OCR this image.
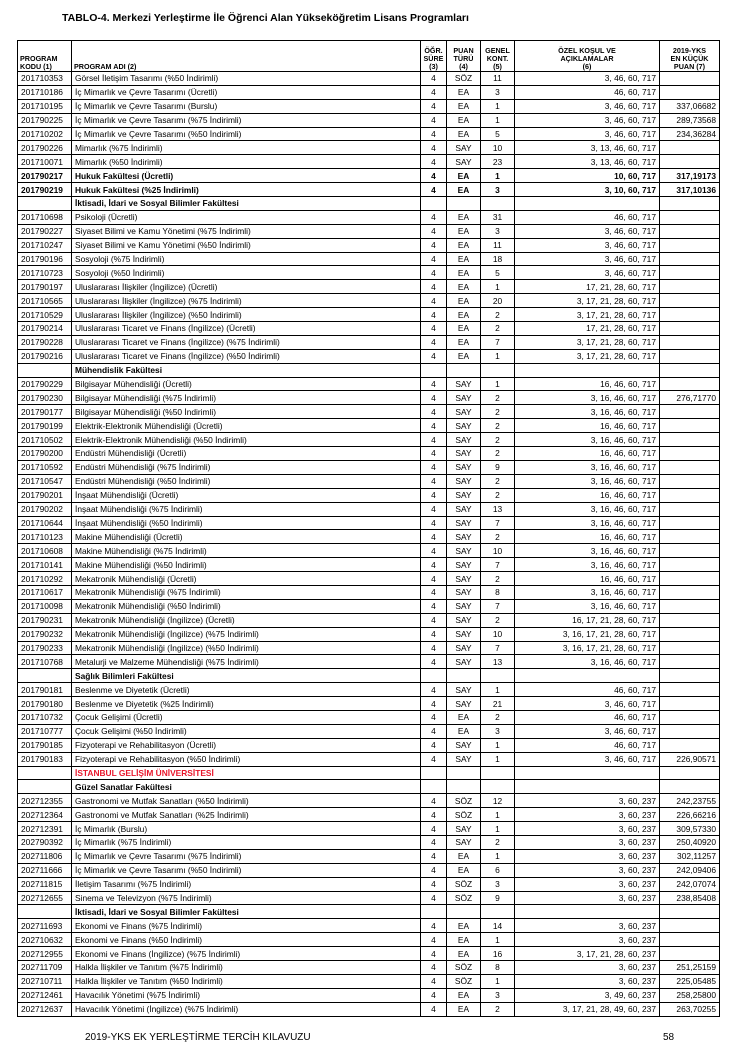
TABLO-4. Merkezi Yerleştirme İle Öğrenci Alan Yükseköğretim Lisans Programları
PROGRAM
KODU (1)	PROGRAM ADI (2)	ÖĞR.
SÜRE
(3)	PUAN
TÜRÜ
(4)	GENEL
KONT.
(5)	ÖZEL KOŞUL VE
AÇIKLAMALAR
(6)	2019-YKS
EN KÜÇÜK
PUAN (7)
201710353	Görsel İletişim Tasarımı (%50 İndirimli)	4	SÖZ	11	3, 46, 60, 717	
201710186	İç Mimarlık ve Çevre Tasarımı (Ücretli)	4	EA	3	46, 60, 717	
201710195	İç Mimarlık ve Çevre Tasarımı (Burslu)	4	EA	1	3, 46, 60, 717	337,06682
201790225	İç Mimarlık ve Çevre Tasarımı (%75 İndirimli)	4	EA	1	3, 46, 60, 717	289,73568
201710202	İç Mimarlık ve Çevre Tasarımı (%50 İndirimli)	4	EA	5	3, 46, 60, 717	234,36284
201790226	Mimarlık (%75 İndirimli)	4	SAY	10	3, 13, 46, 60, 717	
201710071	Mimarlık (%50 İndirimli)	4	SAY	23	3, 13, 46, 60, 717	
201790217	Hukuk Fakültesi (Ücretli)	4	EA	1	10, 60, 717	317,19173
201790219	Hukuk Fakültesi (%25 İndirimli)	4	EA	3	3, 10, 60, 717	317,10136
	İktisadi, İdari ve Sosyal Bilimler Fakültesi					
201710698	Psikoloji (Ücretli)	4	EA	31	46, 60, 717	
201790227	Siyaset Bilimi ve Kamu Yönetimi (%75 İndirimli)	4	EA	3	3, 46, 60, 717	
201710247	Siyaset Bilimi ve Kamu Yönetimi (%50 İndirimli)	4	EA	11	3, 46, 60, 717	
201790196	Sosyoloji (%75 İndirimli)	4	EA	18	3, 46, 60, 717	
201710723	Sosyoloji (%50 İndirimli)	4	EA	5	3, 46, 60, 717	
201790197	Uluslararası İlişkiler (İngilizce) (Ücretli)	4	EA	1	17, 21, 28, 60, 717	
201710565	Uluslararası İlişkiler (İngilizce) (%75 İndirimli)	4	EA	20	3, 17, 21, 28, 60, 717	
201710529	Uluslararası İlişkiler (İngilizce) (%50 İndirimli)	4	EA	2	3, 17, 21, 28, 60, 717	
201790214	Uluslararası Ticaret ve Finans (İngilizce) (Ücretli)	4	EA	2	17, 21, 28, 60, 717	
201790228	Uluslararası Ticaret ve Finans (İngilizce) (%75 İndirimli)	4	EA	7	3, 17, 21, 28, 60, 717	
201790216	Uluslararası Ticaret ve Finans (İngilizce) (%50 İndirimli)	4	EA	1	3, 17, 21, 28, 60, 717	
	Mühendislik Fakültesi					
201790229	Bilgisayar Mühendisliği (Ücretli)	4	SAY	1	16, 46, 60, 717	
201790230	Bilgisayar Mühendisliği (%75 İndirimli)	4	SAY	2	3, 16, 46, 60, 717	276,71770
201790177	Bilgisayar Mühendisliği (%50 İndirimli)	4	SAY	2	3, 16, 46, 60, 717	
201790199	Elektrik-Elektronik Mühendisliği (Ücretli)	4	SAY	2	16, 46, 60, 717	
201710502	Elektrik-Elektronik Mühendisliği (%50 İndirimli)	4	SAY	2	3, 16, 46, 60, 717	
201790200	Endüstri Mühendisliği (Ücretli)	4	SAY	2	16, 46, 60, 717	
201710592	Endüstri Mühendisliği (%75 İndirimli)	4	SAY	9	3, 16, 46, 60, 717	
201710547	Endüstri Mühendisliği (%50 İndirimli)	4	SAY	2	3, 16, 46, 60, 717	
201790201	İnşaat Mühendisliği (Ücretli)	4	SAY	2	16, 46, 60, 717	
201790202	İnşaat Mühendisliği (%75 İndirimli)	4	SAY	13	3, 16, 46, 60, 717	
201710644	İnşaat Mühendisliği (%50 İndirimli)	4	SAY	7	3, 16, 46, 60, 717	
201710123	Makine Mühendisliği (Ücretli)	4	SAY	2	16, 46, 60, 717	
201710608	Makine Mühendisliği (%75 İndirimli)	4	SAY	10	3, 16, 46, 60, 717	
201710141	Makine Mühendisliği (%50 İndirimli)	4	SAY	7	3, 16, 46, 60, 717	
201710292	Mekatronik Mühendisliği (Ücretli)	4	SAY	2	16, 46, 60, 717	
201710617	Mekatronik Mühendisliği (%75 İndirimli)	4	SAY	8	3, 16, 46, 60, 717	
201710098	Mekatronik Mühendisliği (%50 İndirimli)	4	SAY	7	3, 16, 46, 60, 717	
201790231	Mekatronik Mühendisliği (İngilizce) (Ücretli)	4	SAY	2	16, 17, 21, 28, 60, 717	
201790232	Mekatronik Mühendisliği (İngilizce) (%75 İndirimli)	4	SAY	10	3, 16, 17, 21, 28, 60, 717	
201790233	Mekatronik Mühendisliği (İngilizce) (%50 İndirimli)	4	SAY	7	3, 16, 17, 21, 28, 60, 717	
201710768	Metalurji ve Malzeme Mühendisliği (%75 İndirimli)	4	SAY	13	3, 16, 46, 60, 717	
	Sağlık Bilimleri Fakültesi					
201790181	Beslenme ve Diyetetik (Ücretli)	4	SAY	1	46, 60, 717	
201790180	Beslenme ve Diyetetik (%25 İndirimli)	4	SAY	21	3, 46, 60, 717	
201710732	Çocuk Gelişimi (Ücretli)	4	EA	2	46, 60, 717	
201710777	Çocuk Gelişimi (%50 İndirimli)	4	EA	3	3, 46, 60, 717	
201790185	Fizyoterapi ve Rehabilitasyon (Ücretli)	4	SAY	1	46, 60, 717	
201790183	Fizyoterapi ve Rehabilitasyon (%50 İndirimli)	4	SAY	1	3, 46, 60, 717	226,90571
	İSTANBUL GELİŞİM ÜNİVERSİTESİ					
	Güzel Sanatlar Fakültesi					
202712355	Gastronomi ve Mutfak Sanatları (%50 İndirimli)	4	SÖZ	12	3, 60, 237	242,23755
202712364	Gastronomi ve Mutfak Sanatları (%25 İndirimli)	4	SÖZ	1	3, 60, 237	226,66216
202712391	İç Mimarlık (Burslu)	4	SAY	1	3, 60, 237	309,57330
202790392	İç Mimarlık (%75 İndirimli)	4	SAY	2	3, 60, 237	250,40920
202711806	İç Mimarlık ve Çevre Tasarımı (%75 İndirimli)	4	EA	1	3, 60, 237	302,11257
202711666	İç Mimarlık ve Çevre Tasarımı (%50 İndirimli)	4	EA	6	3, 60, 237	242,09406
202711815	İletişim Tasarımı (%75 İndirimli)	4	SÖZ	3	3, 60, 237	242,07074
202712655	Sinema ve Televizyon (%75 İndirimli)	4	SÖZ	9	3, 60, 237	238,85408
	İktisadi, İdari ve Sosyal Bilimler Fakültesi					
202711693	Ekonomi ve Finans (%75 İndirimli)	4	EA	14	3, 60, 237	
202710632	Ekonomi ve Finans (%50 İndirimli)	4	EA	1	3, 60, 237	
202712955	Ekonomi ve Finans (İngilizce) (%75 İndirimli)	4	EA	16	3, 17, 21, 28, 60, 237	
202711709	Halkla İlişkiler ve Tanıtım (%75 İndirimli)	4	SÖZ	8	3, 60, 237	251,25159
202710711	Halkla İlişkiler ve Tanıtım (%50 İndirimli)	4	SÖZ	1	3, 60, 237	225,05485
202712461	Havacılık Yönetimi (%75 İndirimli)	4	EA	3	3, 49, 60, 237	258,25800
202712637	Havacılık Yönetimi (İngilizce) (%75 İndirimli)	4	EA	2	3, 17, 21, 28, 49, 60, 237	263,70255
2019-YKS EK YERLEŞTİRME TERCİH KILAVUZU	58
